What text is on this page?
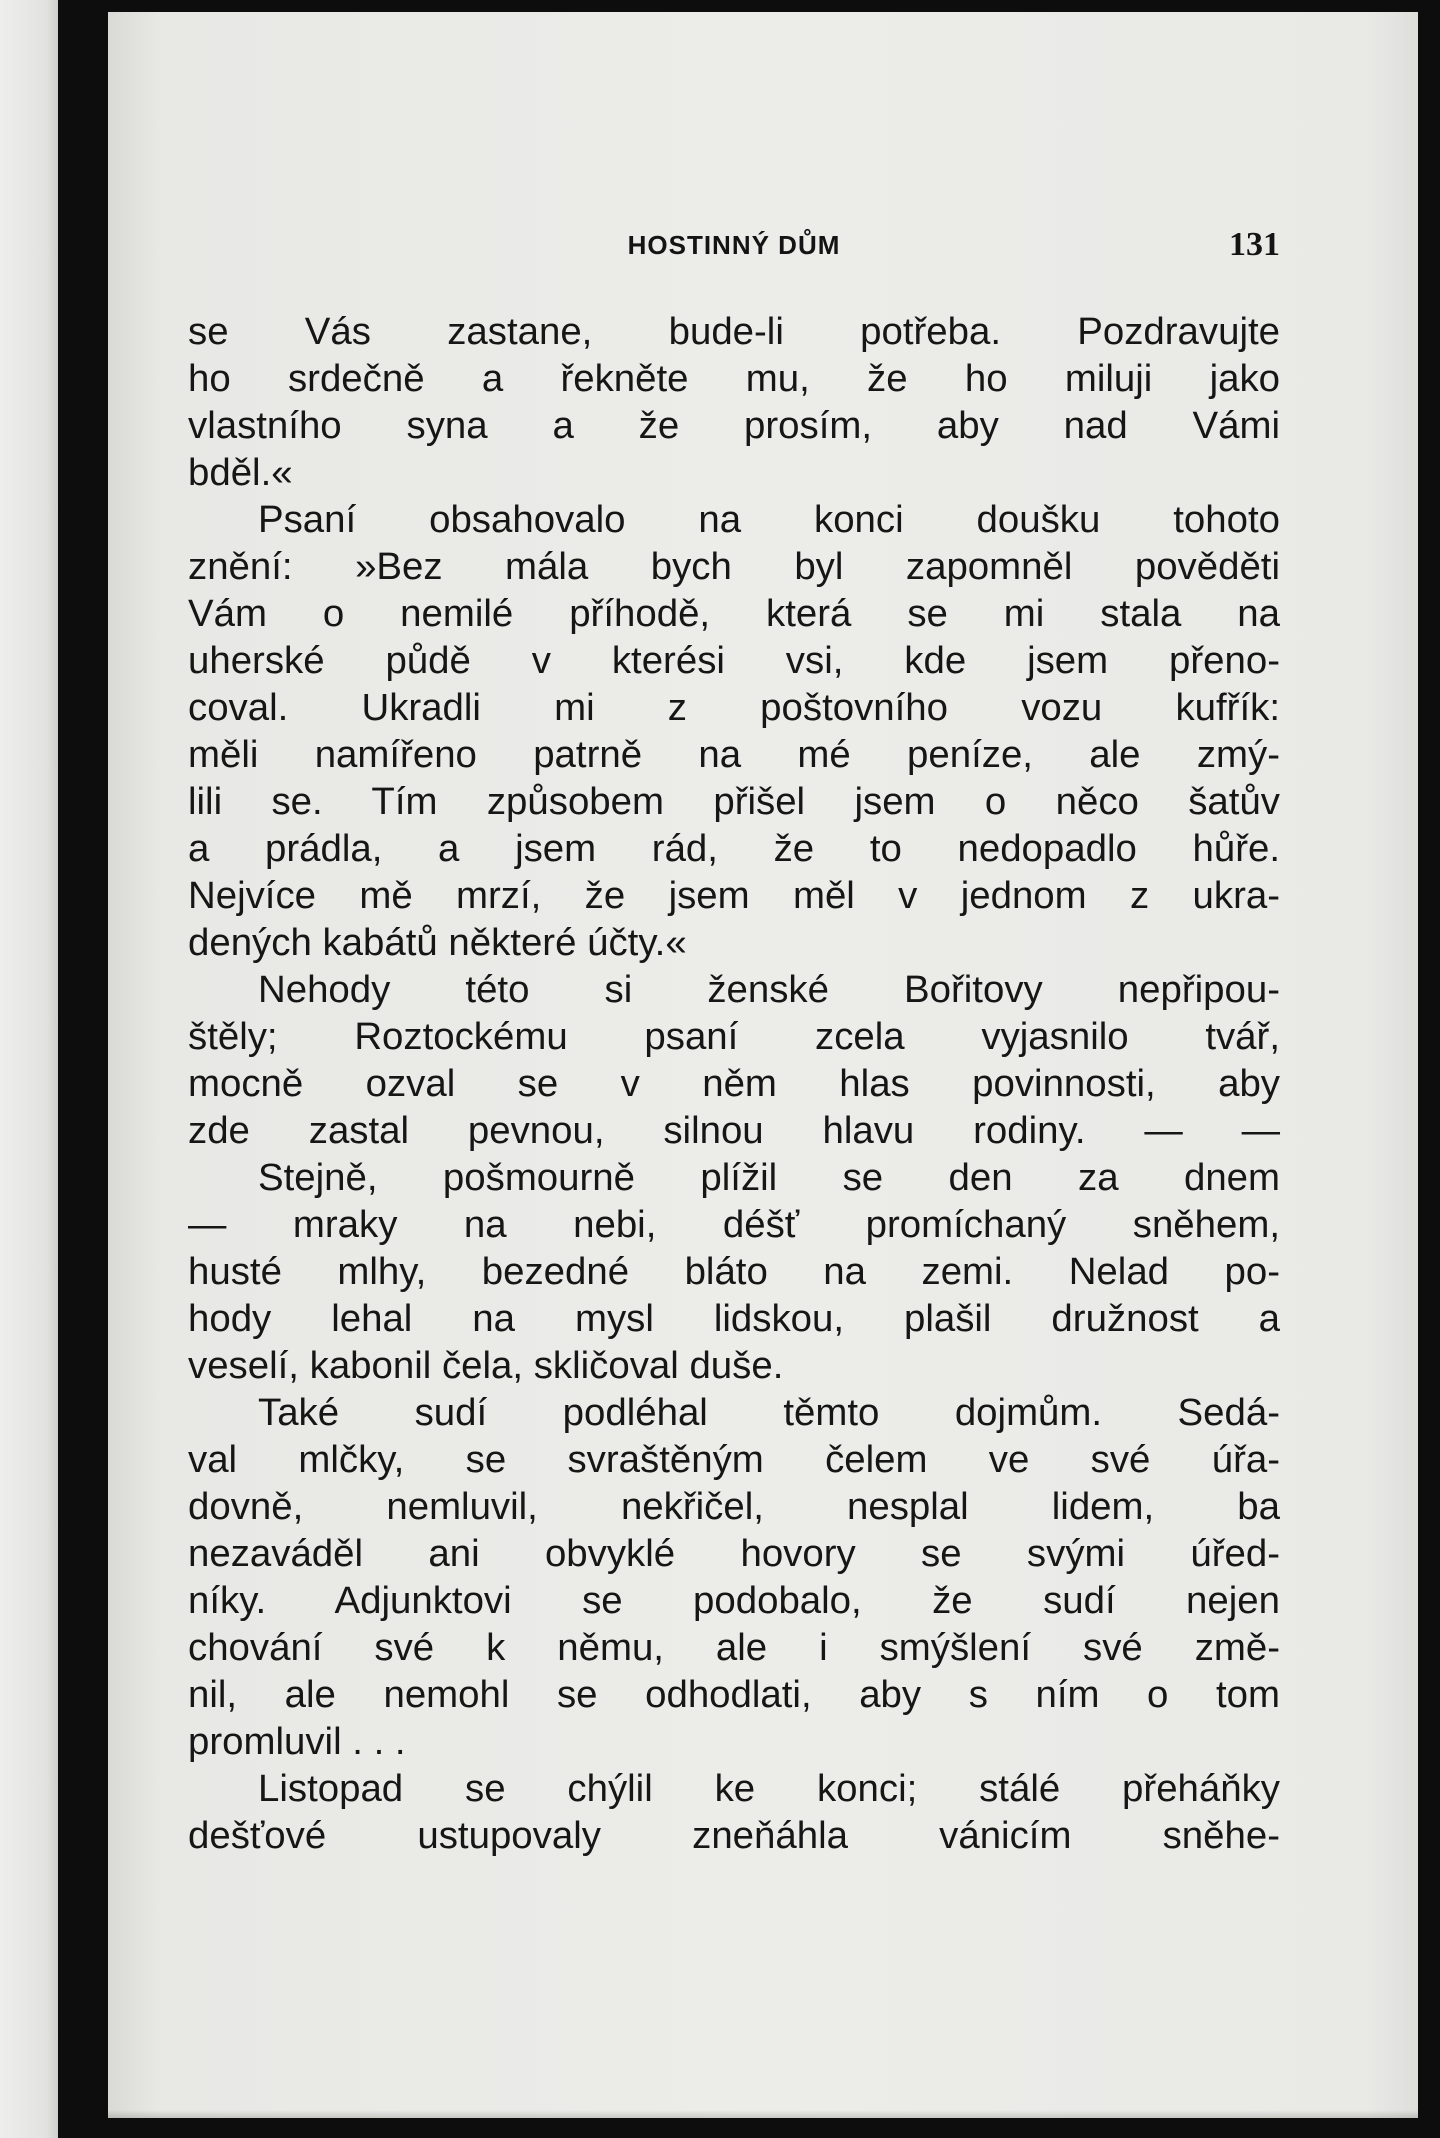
HOSTINNÝ DŮM	131
se Vás zastane, bude-li potřeba. Pozdravujte
ho srdečně a řekněte mu, že ho miluji jako
vlastního syna a že prosím, aby nad Vámi
bděl.«
Psaní obsahovalo na konci doušku tohoto
znění: »Bez mála bych byl zapomněl pověděti
Vám o nemilé příhodě, která se mi stala na
uherské půdě v kterési vsi, kde jsem přeno-
coval. Ukradli mi z poštovního vozu kufřík:
měli namířeno patrně na mé peníze, ale zmý-
lili se. Tím způsobem přišel jsem o něco šatův
a prádla, a jsem rád, že to nedopadlo hůře.
Nejvíce mě mrzí, že jsem měl v jednom z ukra-
dených kabátů některé účty.«
Nehody této si ženské Bořitovy nepřipou-
štěly; Roztockému psaní zcela vyjasnilo tvář,
mocně ozval se v něm hlas povinnosti, aby
zde zastal pevnou, silnou hlavu rodiny. — —
Stejně, pošmourně plížil se den za dnem
— mraky na nebi, déšť promíchaný sněhem,
husté mlhy, bezedné bláto na zemi. Nelad po-
hody lehal na mysl lidskou, plašil družnost a
veselí, kabonil čela, skličoval duše.
Také sudí podléhal těmto dojmům. Sedá-
val mlčky, se svraštěným čelem ve své úřa-
dovně, nemluvil, nekřičel, nesplal lidem, ba
nezaváděl ani obvyklé hovory se svými úřed-
níky. Adjunktovi se podobalo, že sudí nejen
chování své k němu, ale i smýšlení své změ-
nil, ale nemohl se odhodlati, aby s ním o tom
promluvil . . .
Listopad se chýlil ke konci; stálé přeháňky
dešťové ustupovaly zneňáhla vánicím sněhe-
